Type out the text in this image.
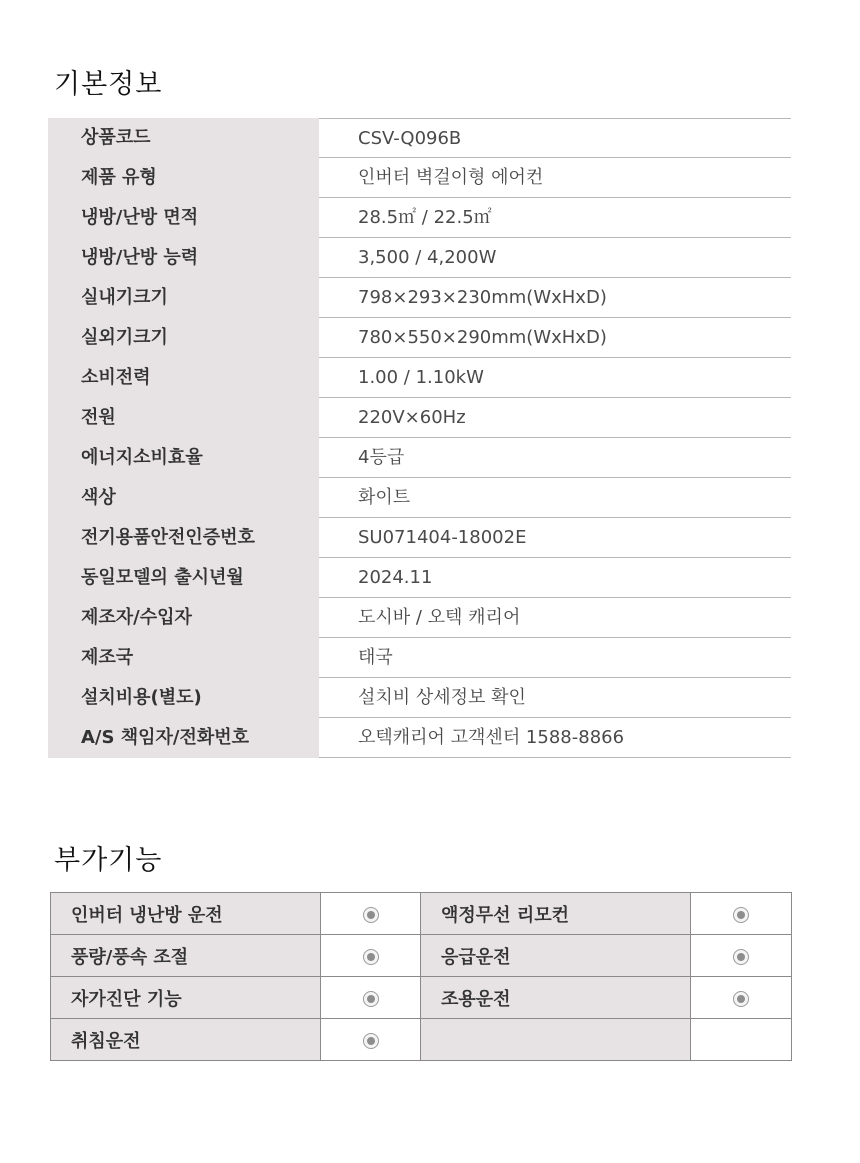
기본정보
상품코드	CSV-Q096B
제품 유형	인버터 벽걸이형 에어컨
냉방/난방 면적	28.5㎡ / 22.5㎡
냉방/난방 능력	3,500 / 4,200W
실내기크기	798×293×230mm(WxHxD)
실외기크기	780×550×290mm(WxHxD)
소비전력	1.00 / 1.10kW
전원	220V×60Hz
에너지소비효율	4등급
색상	화이트
전기용품안전인증번호	SU071404-18002E
동일모델의 출시년월	2024.11
제조자/수입자	도시바 / 오텍 캐리어
제조국	태국
설치비용(별도)	설치비 상세정보 확인
A/S 책임자/전화번호	오텍캐리어 고객센터 1588-8866
부가기능
인버터 냉난방 운전		액정무선 리모컨	
풍량/풍속 조절		응급운전	
자가진단 기능		조용운전	
취침운전			
